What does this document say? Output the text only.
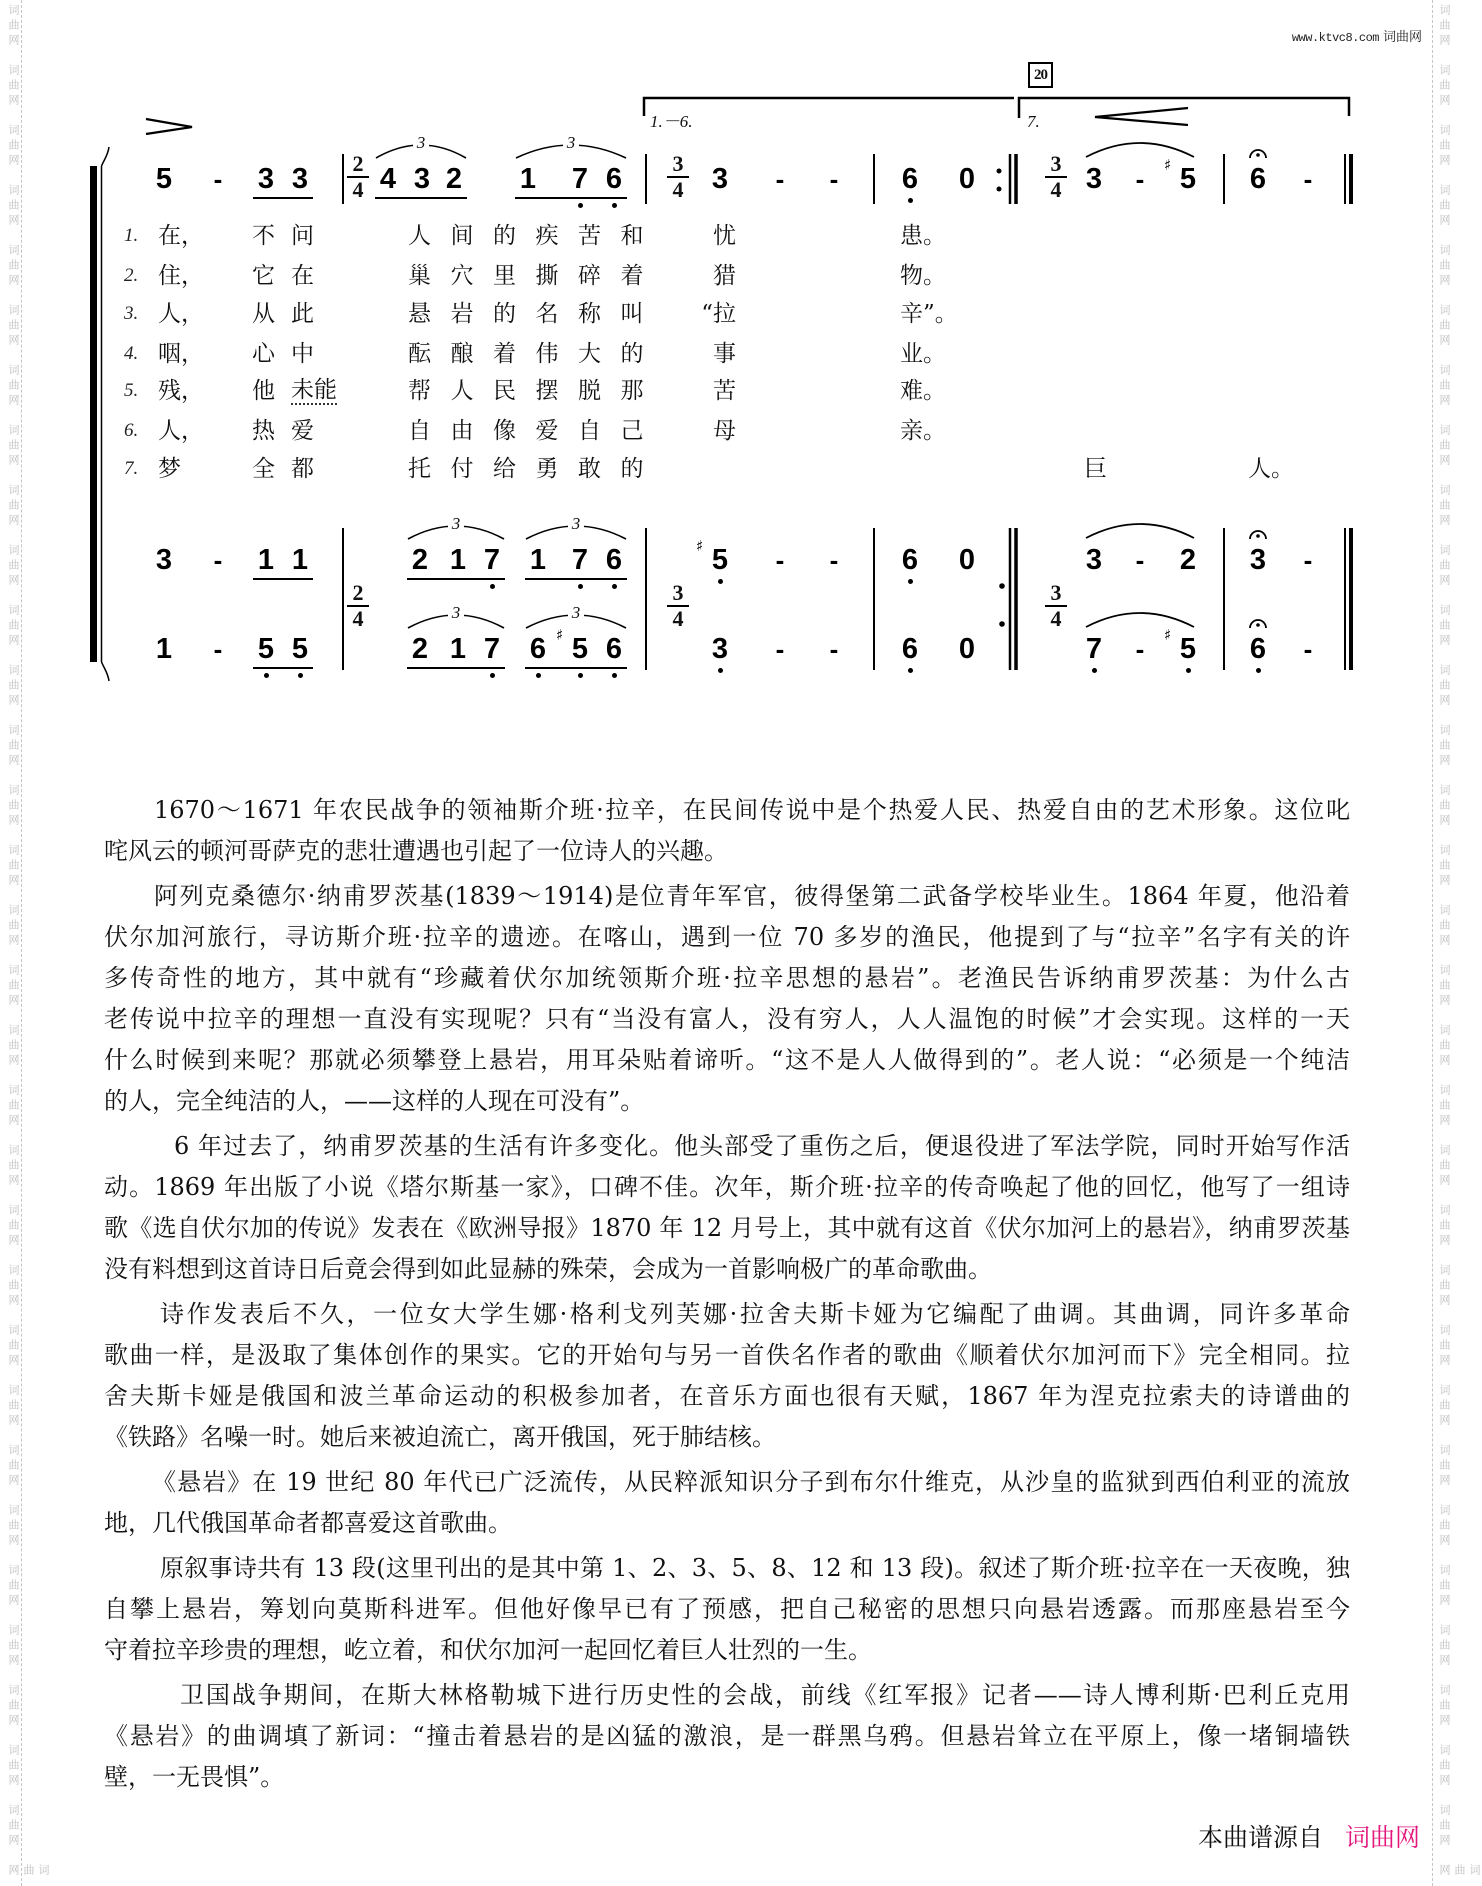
词曲网
词曲网
词曲网
词曲网
词曲网
词曲网
词曲网
词曲网
词曲网
词曲网
词曲网
词曲网
词曲网
词曲网
词曲网
词曲网
词曲网
词曲网
词曲网
词曲网
词曲网
词曲网
词曲网
词曲网
词曲网
词曲网
词曲网
词曲网
词曲网
词曲网
词曲网
词曲网
词曲网
词曲网
词曲网
词曲网
词曲网
词曲网
词曲网
词曲网
词曲网
词曲网
词曲网
词曲网
词曲网
词曲网
词曲网
词曲网
词曲网
词曲网
词曲网
词曲网
词曲网
词曲网
词曲网
词曲网
词曲网
词曲网
词曲网
词曲网
词曲网
词曲网
词曲网
词曲网
www.ktvc8.com 词曲网
20
1.－6.	7.
2
4
3
4
3
4
2
4
3
4
3
4
5	-	3 3 4 3 2 1 7 6	3	-	-	6 0	3	-	5
♯	6	-
3	3
3	-	1 1	2 1 7 1 7 6	5
♯	-	-	6 0	3	-	2 3	-
3	3
1	-	5 5	2 1 7 6 5
♯ 6	3	-	-	6 0	7	-	5
♯	6	-
3	3
1. 在， 不 问	人间的疾苦和	忧	患。
2. 住， 它 在	巢穴里撕碎着	猎	物。
3. 人， 从 此	悬岩的名称叫	“拉	辛”。
4. 咽， 心 中	酝酿着伟大的	事	业。
5. 残， 他 未能	帮人民摆脱那	苦	难。
6. 人， 热 爱	自由像爱自己	母	亲。
7. 梦	全 都	托付给勇敢的	巨	人。
1670～1671 年农民战争的领袖斯介班·拉辛，在民间传说中是个热爱人民、热爱自由的艺术形象。这位叱
咤风云的顿河哥萨克的悲壮遭遇也引起了一位诗人的兴趣。
阿列克桑德尔·纳甫罗茨基(1839～1914)是位青年军官，彼得堡第二武备学校毕业生。1864 年夏，他沿着
伏尔加河旅行，寻访斯介班·拉辛的遗迹。在喀山，遇到一位 70 多岁的渔民，他提到了与“拉辛”名字有关的许
多传奇性的地方，其中就有“珍藏着伏尔加统领斯介班·拉辛思想的悬岩”。老渔民告诉纳甫罗茨基：为什么古
老传说中拉辛的理想一直没有实现呢？只有“当没有富人，没有穷人，人人温饱的时候”才会实现。这样的一天
什么时候到来呢？那就必须攀登上悬岩，用耳朵贴着谛听。“这不是人人做得到的”。老人说：“必须是一个纯洁
的人，完全纯洁的人，——这样的人现在可没有”。
6 年过去了，纳甫罗茨基的生活有许多变化。他头部受了重伤之后，便退役进了军法学院，同时开始写作活
动。1869 年出版了小说《塔尔斯基一家》，口碑不佳。次年，斯介班·拉辛的传奇唤起了他的回忆，他写了一组诗
歌《选自伏尔加的传说》发表在《欧洲导报》1870 年 12 月号上，其中就有这首《伏尔加河上的悬岩》，纳甫罗茨基
没有料想到这首诗日后竟会得到如此显赫的殊荣，会成为一首影响极广的革命歌曲。
诗作发表后不久，一位女大学生娜·格利戈列芙娜·拉舍夫斯卡娅为它编配了曲调。其曲调，同许多革命
歌曲一样，是汲取了集体创作的果实。它的开始句与另一首佚名作者的歌曲《顺着伏尔加河而下》完全相同。拉
舍夫斯卡娅是俄国和波兰革命运动的积极参加者，在音乐方面也很有天赋，1867 年为涅克拉索夫的诗谱曲的
《铁路》名噪一时。她后来被迫流亡，离开俄国，死于肺结核。
《悬岩》在 19 世纪 80 年代已广泛流传，从民粹派知识分子到布尔什维克，从沙皇的监狱到西伯利亚的流放
地，几代俄国革命者都喜爱这首歌曲。
原叙事诗共有 13 段(这里刊出的是其中第 1、2、3、5、8、12 和 13 段)。叙述了斯介班·拉辛在一天夜晚，独
自攀上悬岩，筹划向莫斯科进军。但他好像早已有了预感，把自己秘密的思想只向悬岩透露。而那座悬岩至今
守着拉辛珍贵的理想，屹立着，和伏尔加河一起回忆着巨人壮烈的一生。
卫国战争期间，在斯大林格勒城下进行历史性的会战，前线《红军报》记者——诗人博利斯·巴利丘克用
《悬岩》的曲调填了新词：“撞击着悬岩的是凶猛的激浪，是一群黑乌鸦。但悬岩耸立在平原上，像一堵铜墙铁
壁，一无畏惧”。
本曲谱源自 词曲网
